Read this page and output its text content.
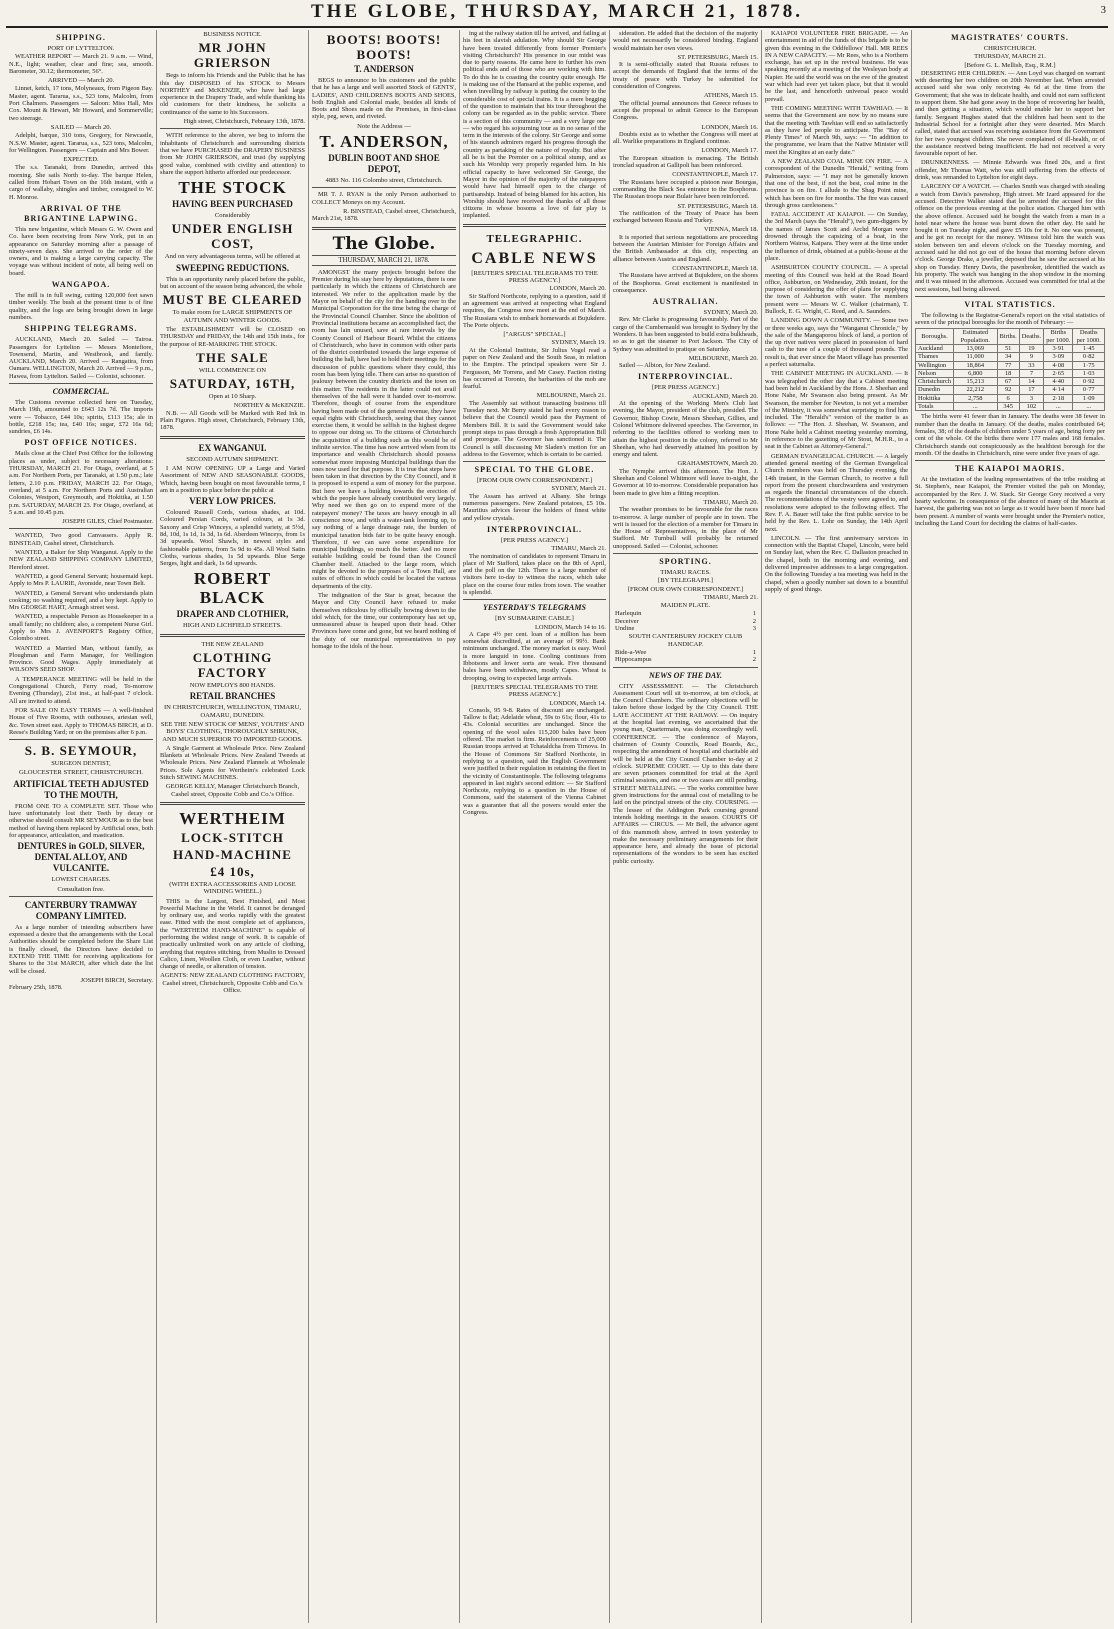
THE GLOBE, THURSDAY, MARCH 21, 1878.	3
SHIPPING.
PORT OF LYTTELTON.

WEATHER REPORT — March 21. 9 a.m. — Wind, N.E., light; weather, clear and fine; sea, smooth. Barometer, 30.12; thermometer, 56°.

ARRIVED — March 20.

Linnet, ketch, 17 tons, Molyneaux, from Pigeon Bay. Master, agent. Tararua, s.s., 523 tons, Malcolm, from Port Chalmers. Passengers — Saloon: Miss Hall, Mrs Cox. Mount & Hewart, Mr Howard, and Sommerville; two steerage.

SAILED — March 20.

Adelphi, barque, 310 tons, Gregory, for Newcastle, N.S.W. Master, agent. Tararua, s.s., 523 tons, Malcolm, for Wellington. Passengers — Captain and Mrs Bower.

EXPECTED.

The s.s. Taranaki, from Dunedin, arrived this morning. She sails North to-day. The barque Helen, called from Hobart Town on the 16th instant, with a cargo of wallaby, shingles and timber, consigned to W. H. Monroe.

ARRIVAL OF THE BRIGANTINE LAPWING.

This new brigantine, which Messrs G. W. Owen and Co. have been receiving from New York, put in an appearance on Saturday morning after a passage of ninety-seven days. She arrived to the order of the owners, and is making a large carrying capacity. The voyage was without incident of note, all being well on board.

WANGAPOA.

The mill is in full swing, cutting 120,000 feet sawn timber weekly. The bush at the present time is of fine quality, and the logs are being brought down in large numbers.

SHIPPING TELEGRAMS.

AUCKLAND, March 20. Sailed — Tairoa. Passengers for Lyttelton — Messrs Montefiore, Townsend, Martin, and Westbrook, and family. AUCKLAND, March 20. Arrived — Rangatira, from Oamaru. WELLINGTON, March 20. Arrived — 9 p.m., Hawea, from Lyttelton. Sailed — Colonist, schooner.

COMMERCIAL.

The Customs revenue collected here on Tuesday, March 19th, amounted to £643 12s 7d. The imports were — Tobacco, £44 10s; spirits, £113 15s; ale in bottle, £218 15s; tea, £40 16s; sugar, £72 16s 6d; sundries, £6 14s.

POST OFFICE NOTICES.

Mails close at the Chief Post Office for the following places as under, subject to necessary alterations: THURSDAY, MARCH 21. For Otago, overland, at 5 a.m. For Northern Ports, per Taranaki, at 1.50 p.m.; late letters, 2.10 p.m. FRIDAY, MARCH 22. For Otago, overland, at 5 a.m. For Northern Ports and Australian Colonies, Westport, Greymouth, and Hokitika, at 1.50 p.m. SATURDAY, MARCH 23. For Otago, overland, at 5 a.m. and 10.45 p.m.

JOSEPH GILES, Chief Postmaster.

WANTED, Two good Canvassers. Apply R. BINSTEAD, Cashel street, Christchurch.

WANTED, a Baker for Ship Wanganui. Apply to the NEW ZEALAND SHIPPING COMPANY LIMITED, Hereford street.

WANTED, a good General Servant; housemaid kept. Apply to Mrs P. LAURIE, Avonside, near Town Belt.

WANTED, a General Servant who understands plain cooking; no washing required, and a boy kept. Apply to Mrs GEORGE HART, Armagh street west.

WANTED, a respectable Person as Housekeeper in a small family; no children; also, a competent Nurse Girl. Apply to Mrs J. AVENPORT'S Registry Office, Colombo street.

WANTED a Married Man, without family, as Ploughman and Farm Manager, for Wellington Province. Good Wages. Apply immediately at WILSON'S SEED SHOP.

A TEMPERANCE MEETING will be held in the Congregational Church, Ferry road, To-morrow Evening (Thursday), 21st inst., at half-past 7 o'clock. All are invited to attend.

FOR SALE ON EASY TERMS — A well-finished House of Five Rooms, with outhouses, artesian well, &c. Town street east. Apply to THOMAS BIRCH, at D. Reese's Building Yard; or on the premises after 6 p.m.

S. B. SEYMOUR,
SURGEON DENTIST,
GLOUCESTER STREET, CHRISTCHURCH.
ARTIFICIAL TEETH ADJUSTED TO THE MOUTH,

FROM ONE TO A COMPLETE SET. Those who have unfortunately lost their Teeth by decay or otherwise should consult MR SEYMOUR as to the best method of having them replaced by Artificial ones, both for appearance, articulation, and mastication.

DENTURES in GOLD, SILVER, DENTAL ALLOY, AND VULCANITE.
LOWEST CHARGES.
Consultation free.
CANTERBURY TRAMWAY COMPANY LIMITED.

As a large number of intending subscribers have expressed a desire that the arrangements with the Local Authorities should be completed before the Share List is finally closed, the Directors have decided to EXTEND THE TIME for receiving applications for Shares to the 31st MARCH, after which date the list will be closed.

JOSEPH BIRCH, Secretary.
February 25th, 1878.
BUSINESS NOTICE.
MR JOHN GRIERSON

Begs to inform his Friends and the Public that he has this day DISPOSED of his STOCK to Messrs NORTHEY and McKENZIE, who have had large experience in the Drapery Trade, and while thanking his old customers for their kindness, he solicits a continuance of the same to his Successors.

High street, Christchurch, February 13th, 1878.

WITH reference to the above, we beg to inform the inhabitants of Christchurch and surrounding districts that we have PURCHASED the DRAPERY BUSINESS from Mr JOHN GRIERSON, and trust (by supplying good value, combined with civility and attention) to share the support hitherto afforded our predecessor.

THE STOCK
HAVING BEEN PURCHASED
Considerably
UNDER ENGLISH COST,
And on very advantageous terms, will be offered at
SWEEPING REDUCTIONS.

This is an opportunity rarely placed before the public, but on account of the season being advanced, the whole

MUST BE CLEARED
To make room for LARGE SHIPMENTS OF AUTUMN AND WINTER GOODS.

The ESTABLISHMENT will be CLOSED on THURSDAY and FRIDAY, the 14th and 15th insts., for the purpose of RE-MARKING THE STOCK.

THE SALE
WILL COMMENCE ON
SATURDAY, 16TH,
Open at 10 Sharp.
NORTHEY & McKENZIE.

N.B. — All Goods will be Marked with Red Ink in Plain Figures. High street, Christchurch, February 13th, 1878.

EX WANGANUI.
SECOND AUTUMN SHIPMENT.

I AM NOW OPENING UP a Large and Varied Assortment of NEW AND SEASONABLE GOODS, Which, having been bought on most favourable terms, I am in a position to place before the public at

VERY LOW PRICES.

Coloured Russell Cords, various shades, at 10d. Coloured Persian Cords, varied colours, at 1s 3d. Saxony and Crisp Winceys, a splendid variety, at 5½d, 8d, 10d, 1s 1d, 1s 3d, 1s 6d. Aberdeen Winceys, from 1s 3d upwards. Wool Shawls, in newest styles and fashionable patterns, from 5s 9d to 45s. All Wool Satin Cloths, various shades, 1s 5d upwards. Blue Serge Serges, light and dark, 1s 6d upwards.

ROBERT BLACK
DRAPER AND CLOTHIER,
HIGH AND LICHFIELD STREETS.
THE NEW ZEALAND
CLOTHING FACTORY
NOW EMPLOYS 800 HANDS.
RETAIL BRANCHES
IN CHRISTCHURCH, WELLINGTON, TIMARU, OAMARU, DUNEDIN.
SEE THE NEW STOCK OF MENS', YOUTHS' AND BOYS' CLOTHING, THOROUGHLY SHRUNK, AND MUCH SUPERIOR TO IMPORTED GOODS.

A Single Garment at Wholesale Price. New Zealand Blankets at Wholesale Prices. New Zealand Tweeds at Wholesale Prices. New Zealand Flannels at Wholesale Prices. Sole Agents for Wertheim's celebrated Lock Stitch SEWING MACHINES.

GEORGE KELLY, Manager Christchurch Branch, Cashel street, Opposite Cobb and Co.'s Office.
WERTHEIM
LOCK-STITCH
HAND-MACHINE
£4 10s,
(WITH EXTRA ACCESSORIES AND LOOSE WINDING WHEEL.)

THIS is the Largest, Best Finished, and Most Powerful Machine in the World. It cannot be deranged by ordinary use, and works rapidly with the greatest ease. Fitted with the most complete set of appliances, the "WERTHEIM HAND-MACHINE" is capable of performing the widest range of work. It is capable of practically unlimited work on any article of clothing, anything that requires stitching, from Muslin to Dressed Calico, Linen, Woollen Cloth, or even Leather, without change of needle, or alteration of tension.

AGENTS: NEW ZEALAND CLOTHING FACTORY, Cashel street, Christchurch, Opposite Cobb and Co.'s Office.
BOOTS! BOOTS! BOOTS!
T. ANDERSON

BEGS to announce to his customers and the public that he has a large and well assorted Stock of GENTS', LADIES', AND CHILDREN'S BOOTS AND SHOES, both English and Colonial made, besides all kinds of Boots and Shoes made on the Premises, in first-class style, peg, sewn, and riveted.

Note the Address —
T. ANDERSON,
DUBLIN BOOT AND SHOE DEPOT,
4883 No. 116 Colombo street, Christchurch.

MR T. J. RYAN is the only Person authorised to COLLECT Moneys on my Account.

R. BINSTEAD, Cashel street, Christchurch,
March 21st, 1878.
The Globe.
THURSDAY, MARCH 21, 1878.

AMONGST the many projects brought before the Premier during his stay here by deputations, there is one particularly in which the citizens of Christchurch are interested. We refer to the application made by the Mayor on behalf of the city for the handing over to the Municipal Corporation for the time being the charge of the Provincial Council Chamber. Since the abolition of Provincial institutions became an accomplished fact, the room has lain unused, save at rare intervals by the County Council of Harbour Board. Whilst the citizens of Christchurch, who have in common with other parts of the district contributed towards the large expense of building the hall, have had to hold their meetings for the discussion of public questions where they could, this room has been lying idle. There can arise no question of jealousy between the country districts and the town on this matter. The residents in the latter could not avail themselves of the hall were it handed over to-morrow. Therefore, though of course from the expenditure having been made out of the general revenue, they have equal rights with Christchurch, seeing that they cannot exercise them, it would be selfish in the highest degree to oppose our doing so. To the citizens of Christchurch the acquisition of a building such as this would be of infinite service. The time has now arrived when from its importance and wealth Christchurch should possess somewhat more imposing Municipal buildings than the ones now used for that purpose. It is true that steps have been taken in that direction by the City Council, and it is proposed to expend a sum of money for the purpose. But here we have a building towards the erection of which the people have already contributed very largely. Why need we then go on to expend more of the ratepayers' money? The taxes are heavy enough in all conscience now, and with a water-tank looming up, to say nothing of a large drainage rate, the burden of municipal taxation bids fair to be quite heavy enough. Therefore, if we can save some expenditure for municipal buildings, so much the better. And no more suitable building could be found than the Council Chamber itself. Attached to the large room, which might be devoted to the purposes of a Town Hall, are suites of offices in which could be located the various departments of the city.

The indignation of the Star is great, because the Mayor and City Council have refused to make themselves ridiculous by officially bowing down to the idol which, for the time, our contemporary has set up, unmeasured abuse is heaped upon their head. Other Provinces have come and gone, but we heard nothing of the duty of our municipal representatives to pay homage to the idols of the hour.

ing at the railway station till he arrived, and failing at his feet in slavish adulation. Why should Sir George have been treated differently from former Premier's visiting Christchurch? His presence in our midst was due to party reasons. He came here to further his own political ends and of those who are working with him. To do this he is coasting the country quite enough. He is making use of the Hansard at the public expense, and when travelling by railway is putting the country to the considerable cost of special trains. It is a mere begging of the question to maintain that his tour throughout the colony can be regarded as in the public service. There is a section of this community — and a very large one — who regard his sojourning tour as in no sense of the term in the interests of the colony. Sir George and some of his staunch admirers regard his progress through the country as partaking of the nature of royalty. But after all he is but the Premier on a political stump, and as such his Worship very properly regarded him. In his official capacity to have welcomed Sir George, the Mayor in the opinion of the majority of the ratepayers would have had himself open to the charge of partisanship. Instead of being blamed for his action, his Worship should have received the thanks of all those citizens in whose bosoms a love of fair play is implanted.

TELEGRAPHIC.
CABLE NEWS
[REUTER'S SPECIAL TELEGRAMS TO THE PRESS AGENCY.]
LONDON, March 20.

Sir Stafford Northcote, replying to a question, said if an agreement was arrived at respecting what England requires, the Congress now meet at the end of March. The Russians wish to embark homewards at Bujukdere. The Porte objects.

["ARGUS" SPECIAL.]
SYDNEY, March 19.

At the Colonial Institute, Sir Julius Vogel read a paper on New Zealand and the South Seas, in relation to the Empire. The principal speakers were Sir J. Fergusson, Mr Torrens, and Mr Casey. Faction rioting has occurred at Toronto, the barbarities of the mob are fearful.

MELBOURNE, March 21.

The Assembly sat without transacting business till Tuesday next. Mr Berry stated he had every reason to believe that the Council would pass the Payment of Members Bill. It is said the Government would take prompt steps to pass through a fresh Appropriation Bill and prorogue. The Governor has sanctioned it. The Council is still discussing Mr Sladen's motion for an address to the Governor, which is certain to be carried.

SPECIAL TO THE GLOBE.
[FROM OUR OWN CORRESPONDENT.]
SYDNEY, March 21.

The Assam has arrived at Albany. She brings numerous passengers. New Zealand potatoes, £5 10s. Mauritius advices favour the holders of finest white and yellow crystals.

INTERPROVINCIAL.
[PER PRESS AGENCY.]
TIMARU, March 21.

The nomination of candidates to represent Timaru in place of Mr Stafford, takes place on the 8th of April, and the poll on the 12th. There is a large number of visitors here to-day to witness the races, which take place on the course four miles from town. The weather is splendid.

YESTERDAY'S TELEGRAMS
[BY SUBMARINE CABLE.]
LONDON, March 14 to 16.

A Cape 4½ per cent. loan of a million has been somewhat discredited, at an average of 99½. Bank minimum unchanged. The money market is easy. Wool is more languid in tone. Cooling continues from Ibbotsons and lower sorts are weak. Five thousand bales have been withdrawn, mostly Capes. Wheat is drooping, owing to expected large arrivals.

[REUTER'S SPECIAL TELEGRAMS TO THE PRESS AGENCY.]
LONDON, March 14.

Consols, 95 9-8. Rates of discount are unchanged. Tallow is flat; Adelaide wheat, 59s to 61s; flour, 41s to 43s. Colonial securities are unchanged. Since the opening of the wool sales 115,200 bales have been offered. The market is firm. Reinforcements of 25,000 Russian troops arrived at Tchataldcha from Tirnova. In the House of Commons Sir Stafford Northcote, in replying to a question, said the English Government were justified in their regulation in retaining the fleet in the vicinity of Constantinople. The following telegrams appeared in last night's second edition: — Sir Stafford Northcote, replying to a question in the House of Commons, said the statement of the Vienna Cabinet was a guarantee that all the powers would enter the Congress.

sideration. He added that the decision of the majority would not necessarily be considered binding. England would maintain her own views.

ST. PETERSBURG, March 15.

It is semi-officially stated that Russia refuses to accept the demands of England that the terms of the treaty of peace with Turkey be submitted for consideration of Congress.

ATHENS, March 15.

The official journal announces that Greece refuses to accept the proposal to admit Greece to the European Congress.

LONDON, March 16.

Doubts exist as to whether the Congress will meet at all. Warlike preparations in England continue.

LONDON, March 17.

The European situation is menacing. The British ironclad squadron at Gallipoli has been reinforced.

CONSTANTINOPLE, March 17.

The Russians have occupied a pistoon near Bourgas, commanding the Black Sea entrance to the Bosphorus. The Russian troops near Bulair have been reinforced.

ST. PETERSBURG, March 18.

The ratification of the Treaty of Peace has been exchanged between Russia and Turkey.

VIENNA, March 18.

It is reported that serious negotiations are proceeding between the Austrian Minister for Foreign Affairs and the British Ambassador at this city, respecting an alliance between Austria and England.

CONSTANTINOPLE, March 18.

The Russians have arrived at Bujukdere, on the shores of the Bosphorus. Great excitement is manifested in consequence.

AUSTRALIAN.
SYDNEY, March 20.

Rev. Mr Clarke is progressing favourably. Part of the cargo of the Cumbemauld was brought to Sydney by the Wonders. It has been suggested to build extra bulkheads, so as to get the steamer to Port Jackson. The City of Sydney was admitted to pratique on Saturday.

MELBOURNE, March 20.

Sailed — Albion, for New Zealand.

INTERPROVINCIAL.
[PER PRESS AGENCY.]
AUCKLAND, March 20.

At the opening of the Working Men's Club last evening, the Mayor, president of the club, presided. The Governor, Bishop Cowie, Messrs Sheehan, Gillies, and Colonel Whitmore delivered speeches. The Governor, in referring to the facilities offered to working men to attain the highest position in the colony, referred to Mr Sheehan, who had deservedly attained his position by energy and talent.

GRAHAMSTOWN, March 20.

The Nymphe arrived this afternoon. The Hon. J. Sheehan and Colonel Whitmore will leave to-night, the Governor at 10 to-morrow. Considerable preparation has been made to give him a fitting reception.

TIMARU, March 20.

The weather promises to be favourable for the races to-morrow. A large number of people are in town. The writ is issued for the election of a member for Timaru in the House of Representatives, in the place of Mr Stafford. Mr Turnbull will probably be returned unopposed. Sailed — Colonist, schooner.

SPORTING.
TIMARU RACES.
[BY TELEGRAPH.]
[FROM OUR OWN CORRESPONDENT.]
TIMARU, March 21.
MAIDEN PLATE.
Harlequin	1
Deceiver	2
Undine	3
SOUTH CANTERBURY JOCKEY CLUB HANDICAP.
Bide-a-Wee	1
Hippocampus	2
NEWS OF THE DAY.

CITY ASSESSMENT. — The Christchurch Assessment Court will sit to-morrow, at ten o'clock, at the Council Chambers. The ordinary objections will be taken before those lodged by the City Council. THE LATE ACCIDENT AT THE RAILWAY. — On inquiry at the hospital last evening, we ascertained that the young man, Quartermain, was doing exceedingly well. CONFERENCE. — The conference of Mayors, chairmen of County Councils, Road Boards, &c., respecting the amendment of hospital and charitable aid will be held at the City Council Chamber to-day at 2 o'clock. SUPREME COURT. — Up to this date there are seven prisoners committed for trial at the April criminal sessions, and one or two cases are still pending. STREET METALLING. — The works committee have given instructions for the annual cost of metalling to be laid on the principal streets of the city. COURSING. — The lessee of the Addington Park coursing ground intends holding meetings in the season. COURTS OF AFFAIRS — CIRCUS. — Mr Bell, the advance agent of this mammoth show, arrived in town yesterday to make the necessary preliminary arrangements for their appearance here, and already the issue of pictorial representations of the wonders to be seen has excited public curiosity.

KAIAPOI VOLUNTEER FIRE BRIGADE. — An entertainment in aid of the funds of this brigade is to be given this evening in the Oddfellows' Hall. MR REES IN A NEW CAPACITY. — Mr Rees, who is a Northern exchange, has set up in the revival business. He was speaking recently at a meeting of the Wesleyan body at Napier. He said the world was on the eve of the greatest war which had ever yet taken place, but that it would be the last, and henceforth universal peace would prevail.

THE COMING MEETING WITH TAWHIAO. — It seems that the Government are now by no means sure that the meeting with Tawhiao will end so satisfactorily as they have led people to anticipate. The "Bay of Plenty Times" of March 9th, says: — "In addition to the programme, we learn that the Native Minister will meet the Kingites at an early date."

A NEW ZEALAND COAL MINE ON FIRE. — A correspondent of the Dunedin "Herald," writing from Palmerston, says: — "I may not be generally known that one of the best, if not the best, coal mine in the province is on fire. I allude to the Shag Point mine, which has been on fire for months. The fire was caused through gross carelessness."

FATAL ACCIDENT AT KAIAPOI. — On Sunday, the 3rd March (says the "Herald"), two gum-diggers by the names of James Scott and Archd Morgan were drowned through the capsizing of a boat, in the Northern Wairoa, Kaipara. They were at the time under the influence of drink, obtained at a public-house at the place.

ASHBURTON COUNTY COUNCIL. — A special meeting of this Council was held at the Road Board office, Ashburton, on Wednesday, 20th instant, for the purpose of considering the offer of plans for supplying the town of Ashburton with water. The members present were — Messrs W. C. Walker (chairman), T. Bullock, E. G. Wright, C. Reed, and A. Saunders.

LANDING DOWN A COMMUNITY. — Some two or three weeks ago, says the "Wanganui Chronicle," by the sale of the Mangaporou block of land, a portion of the up river natives were placed in possession of hard cash to the tune of a couple of thousand pounds. The result is, that ever since the Maori village has presented a perfect saturnalia.

THE CABINET MEETING IN AUCKLAND. — It was telegraphed the other day that a Cabinet meeting had been held in Auckland by the Hons. J. Sheehan and Hone Nahe, Mr Swanson also being present. As Mr Swanson, the member for Newton, is not yet a member of the Ministry, it was somewhat surprising to find him included. The "Herald's" version of the matter is as follows: — "The Hon. J. Sheehan, W. Swanson, and Hone Nahe held a Cabinet meeting yesterday morning, in reference to the gazetting of Mr Stout, M.H.R., to a seat in the Cabinet as Attorney-General."

GERMAN EVANGELICAL CHURCH. — A largely attended general meeting of the German Evangelical Church members was held on Thursday evening, the 14th instant, in the German Church, to receive a full report from the present churchwardens and vestrymen as regards the financial circumstances of the church. The recommendations of the vestry were agreed to, and resolutions were adopted to the following effect. The Rev. F. A. Bauer will take the first public service to be held by the Rev. L. Lohr on Sunday, the 14th April next.

LINCOLN. — The first anniversary services in connection with the Baptist Chapel, Lincoln, were held on Sunday last, when the Rev. C. Dallaston preached in the chapel, both in the morning and evening, and delivered impressive addresses to a large congregation. On the following Tuesday a tea meeting was held in the chapel, when a goodly number sat down to a bountiful supply of good things.

MAGISTRATES' COURTS.
CHRISTCHURCH.
THURSDAY, MARCH 21.
[Before G. L. Mellish, Esq., R.M.]

DESERTING HER CHILDREN. — Ann Loyd was charged on warrant with deserting her two children on 20th November last. When arrested accused said she was only receiving 4s 6d at the time from the Government; that she was in delicate health, and could not earn sufficient to support them. She had gone away in the hope of recovering her health, and then getting a situation, which would enable her to support her family. Sergeant Hughes stated that the children had been sent to the Industrial School for a fortnight after they were deserted. Mrs March called, stated that accused was receiving assistance from the Government for her two youngest children. She never complained of ill-health, or of the assistance received being insufficient. He had not received a very favourable report of her.

DRUNKENNESS. — Minnie Edwards was fined 20s, and a first offender, Mr Thomas Watt, who was still suffering from the effects of drink, was remanded to Lyttelton for eight days.

LARCENY OF A WATCH. — Charles Smith was charged with stealing a watch from Davis's pawnshop, High street. Mr Izard appeared for the accused. Detective Walker stated that he arrested the accused for this offence on the previous evening at the police station. Charged him with the above offence. Accused said he bought the watch from a man in a hotel near where the house was burnt down the other day. He said he bought it on Tuesday night, and gave £5 10s for it. No one was present, and he got no receipt for the money. Witness told him the watch was stolen between ten and eleven o'clock on the Tuesday morning, and accused said he did not go out of the house that morning before eleven o'clock. George Drake, a jeweller, deposed that he saw the accused at his shop on Tuesday. Henry Davis, the pawnbroker, identified the watch as his property. The watch was hanging in the shop window in the morning and it was missed in the afternoon. Accused was committed for trial at the next sessions, bail being allowed.

VITAL STATISTICS.

The following is the Registrar-General's report on the vital statistics of seven of the principal boroughs for the month of February: —

Boroughs.	Estimated Population.	Births.	Deaths.	Births per 1000.	Deaths per 1000.
Auckland	13,069	51	19	3·91	1·45
Thames	11,000	34	9	3·09	0·82
Wellington	18,864	77	33	4·08	1·75
Nelson	6,800	18	7	2·65	1·03
Christchurch	15,213	67	14	4·40	0·92
Dunedin	22,212	92	17	4·14	0·77
Hokitika	2,758	6	3	2·18	1·09
Totals	...	345	102	...	...

The births were 41 fewer than in January. The deaths were 38 fewer in number than the deaths in January. Of the deaths, males contributed 64; females, 38; of the deaths of children under 5 years of age, being forty per cent of the whole. Of the births there were 177 males and 168 females. Christchurch stands out conspicuously as the healthiest borough for the month. Of the deaths in Christchurch, nine were under five years of age.

THE KAIAPOI MAORIS.

At the invitation of the leading representatives of the tribe residing at St. Stephen's, near Kaiapoi, the Premier visited the pah on Monday, accompanied by the Rev. J. W. Stack. Sir George Grey received a very hearty welcome. In consequence of the absence of many of the Maoris at harvest, the gathering was not so large as it would have been if more had been present. A number of wants were brought under the Premier's notice, including the Land Court for deciding the claims of half-castes.
